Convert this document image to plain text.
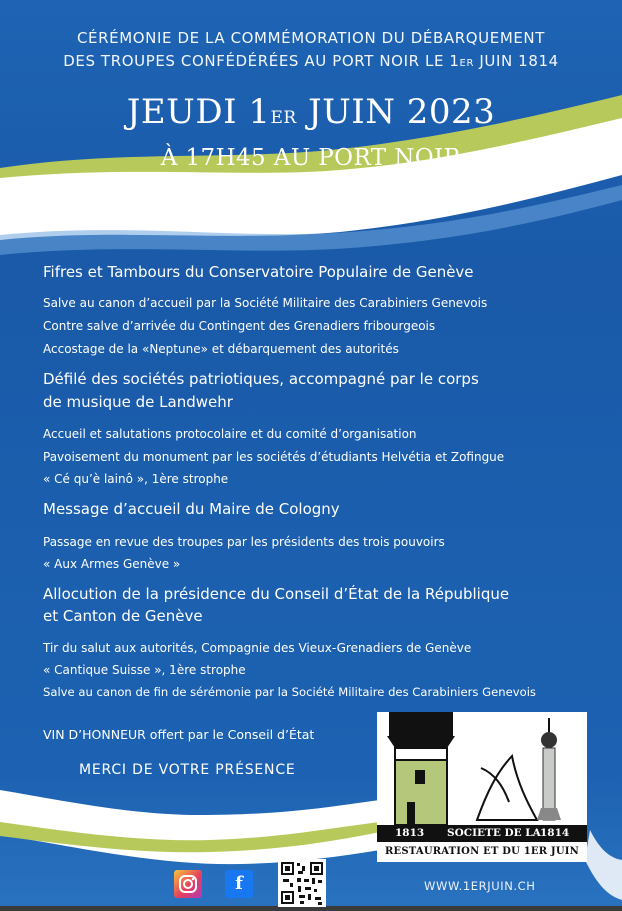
CÉRÉMONIE DE LA COMMÉMORATION DU DÉBARQUEMENT
DES TROUPES CONFÉDÉRÉES AU PORT NOIR LE 1ER JUIN 1814
JEUDI 1ER JUIN 2023
À 17H45 AU PORT NOIR
Fifres et Tambours du Conservatoire Populaire de Genève
Salve au canon d’accueil par la Société Militaire des Carabiniers Genevois
Contre salve d’arrivée du Contingent des Grenadiers fribourgeois
Accostage de la «Neptune» et débarquement des autorités
Défilé des sociétés patriotiques, accompagné par le corps
de musique de Landwehr
Accueil et salutations protocolaire et du comité d’organisation
Pavoisement du monument par les sociétés d’étudiants Helvétia et Zofingue
« Cé qu’è lainô », 1ère strophe
Message d’accueil du Maire de Cologny
Passage en revue des troupes par les présidents des trois pouvoirs
« Aux Armes Genève »
Allocution de la présidence du Conseil d’État de la République
et Canton de Genève
Tir du salut aux autorités, Compagnie des Vieux-Grenadiers de Genève
« Cantique Suisse », 1ère strophe
Salve au canon de fin de sérémonie par la Société Militaire des Carabiniers Genevois
VIN D’HONNEUR offert par le Conseil d’État
MERCI DE VOTRE PRÉSENCE
1813 SOCIETE DE LA 1814
RESTAURATION ET DU 1ER JUIN
f	WWW.1ERJUIN.CH
